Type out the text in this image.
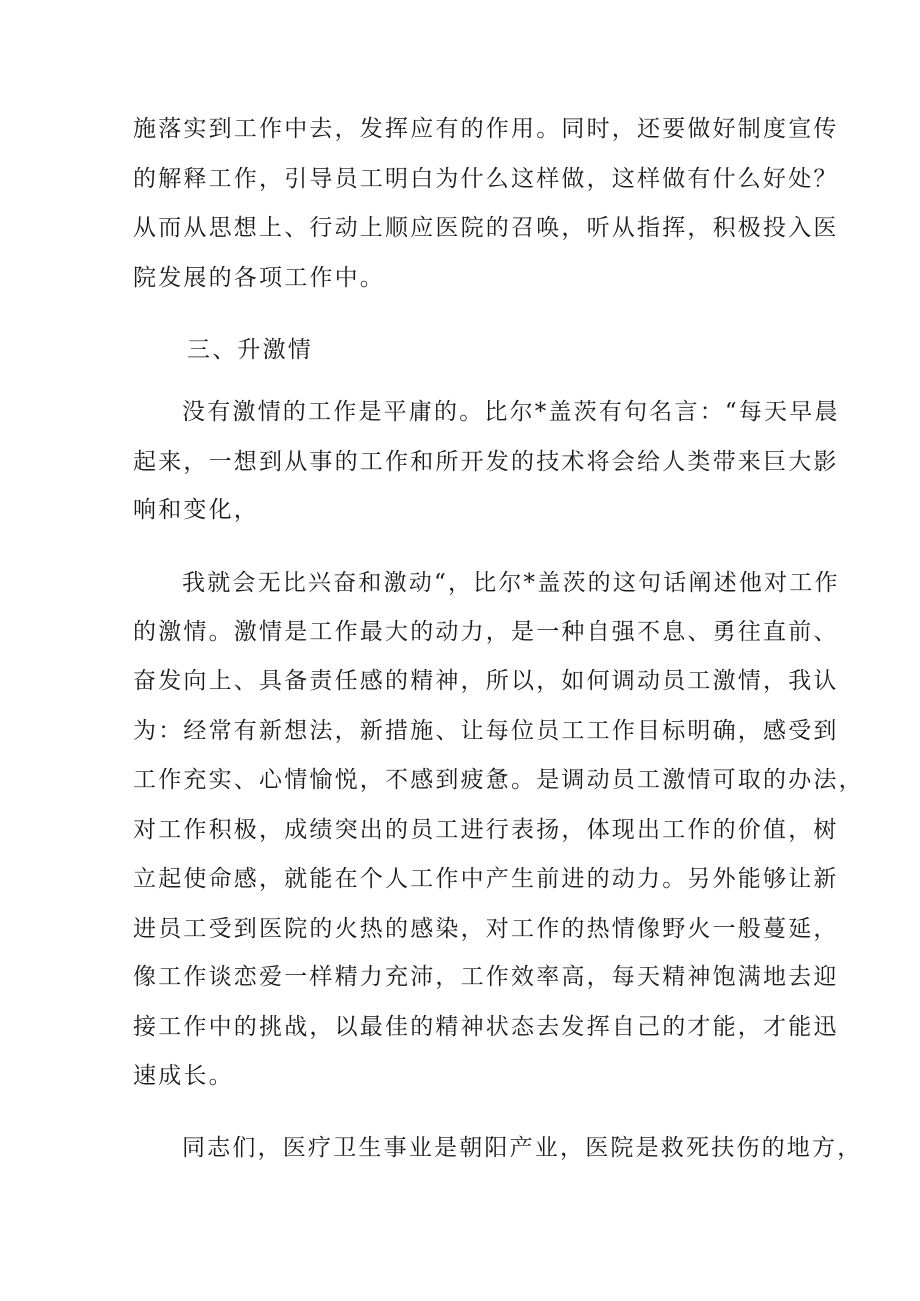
施落实到工作中去，发挥应有的作用。同时，还要做好制度宣传
的解释工作，引导员工明白为什么这样做，这样做有什么好处？
从而从思想上、行动上顺应医院的召唤，听从指挥，积极投入医
院发展的各项工作中。
三、升激情
没有激情的工作是平庸的。比尔*盖茨有句名言：“每天早晨
起来，一想到从事的工作和所开发的技术将会给人类带来巨大影
响和变化，
我就会无比兴奋和激动“，比尔*盖茨的这句话阐述他对工作
的激情。激情是工作最大的动力，是一种自强不息、勇往直前、
奋发向上、具备责任感的精神，所以，如何调动员工激情，我认
为：经常有新想法，新措施、让每位员工工作目标明确，感受到
工作充实、心情愉悦，不感到疲惫。是调动员工激情可取的办法，
对工作积极，成绩突出的员工进行表扬，体现出工作的价值，树
立起使命感，就能在个人工作中产生前进的动力。另外能够让新
进员工受到医院的火热的感染，对工作的热情像野火一般蔓延，
像工作谈恋爱一样精力充沛，工作效率高，每天精神饱满地去迎
接工作中的挑战，以最佳的精神状态去发挥自己的才能，才能迅
速成长。
同志们，医疗卫生事业是朝阳产业，医院是救死扶伤的地方，
